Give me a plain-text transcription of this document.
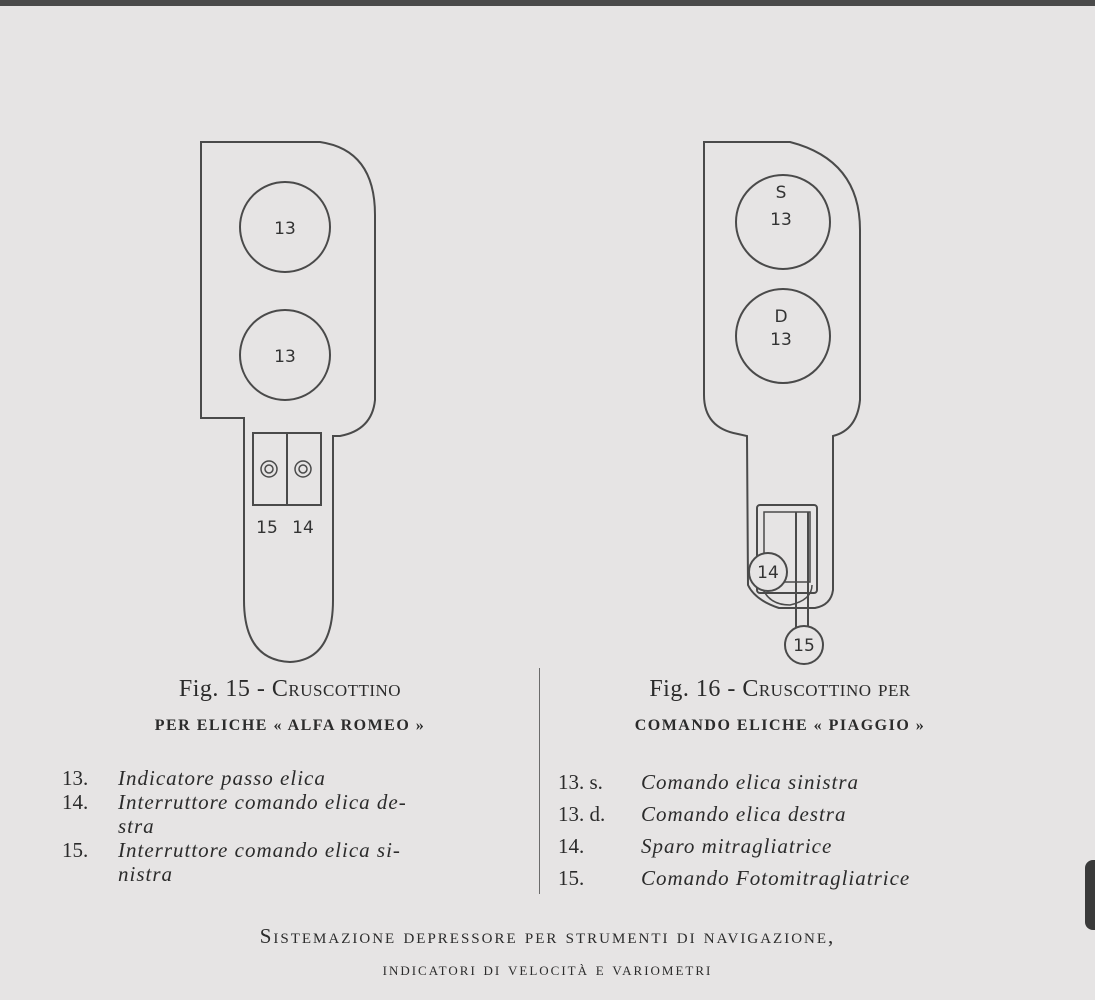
13
13
15 14
S
13
D
13
14
15
Fig. 15 - Cruscottino
PER ELICHE « ALFA ROMEO »
Fig. 16 - Cruscottino per
COMANDO ELICHE « PIAGGIO »
13.	Indicatore passo elica
14.	Interruttore comando elica de-
stra
15.	Interruttore comando elica si-
nistra
13. s.	Comando elica sinistra
13. d.	Comando elica destra
14.	Sparo mitragliatrice
15.	Comando Fotomitragliatrice
Sistemazione depressore per strumenti di navigazione,
indicatori di velocità e variometri
